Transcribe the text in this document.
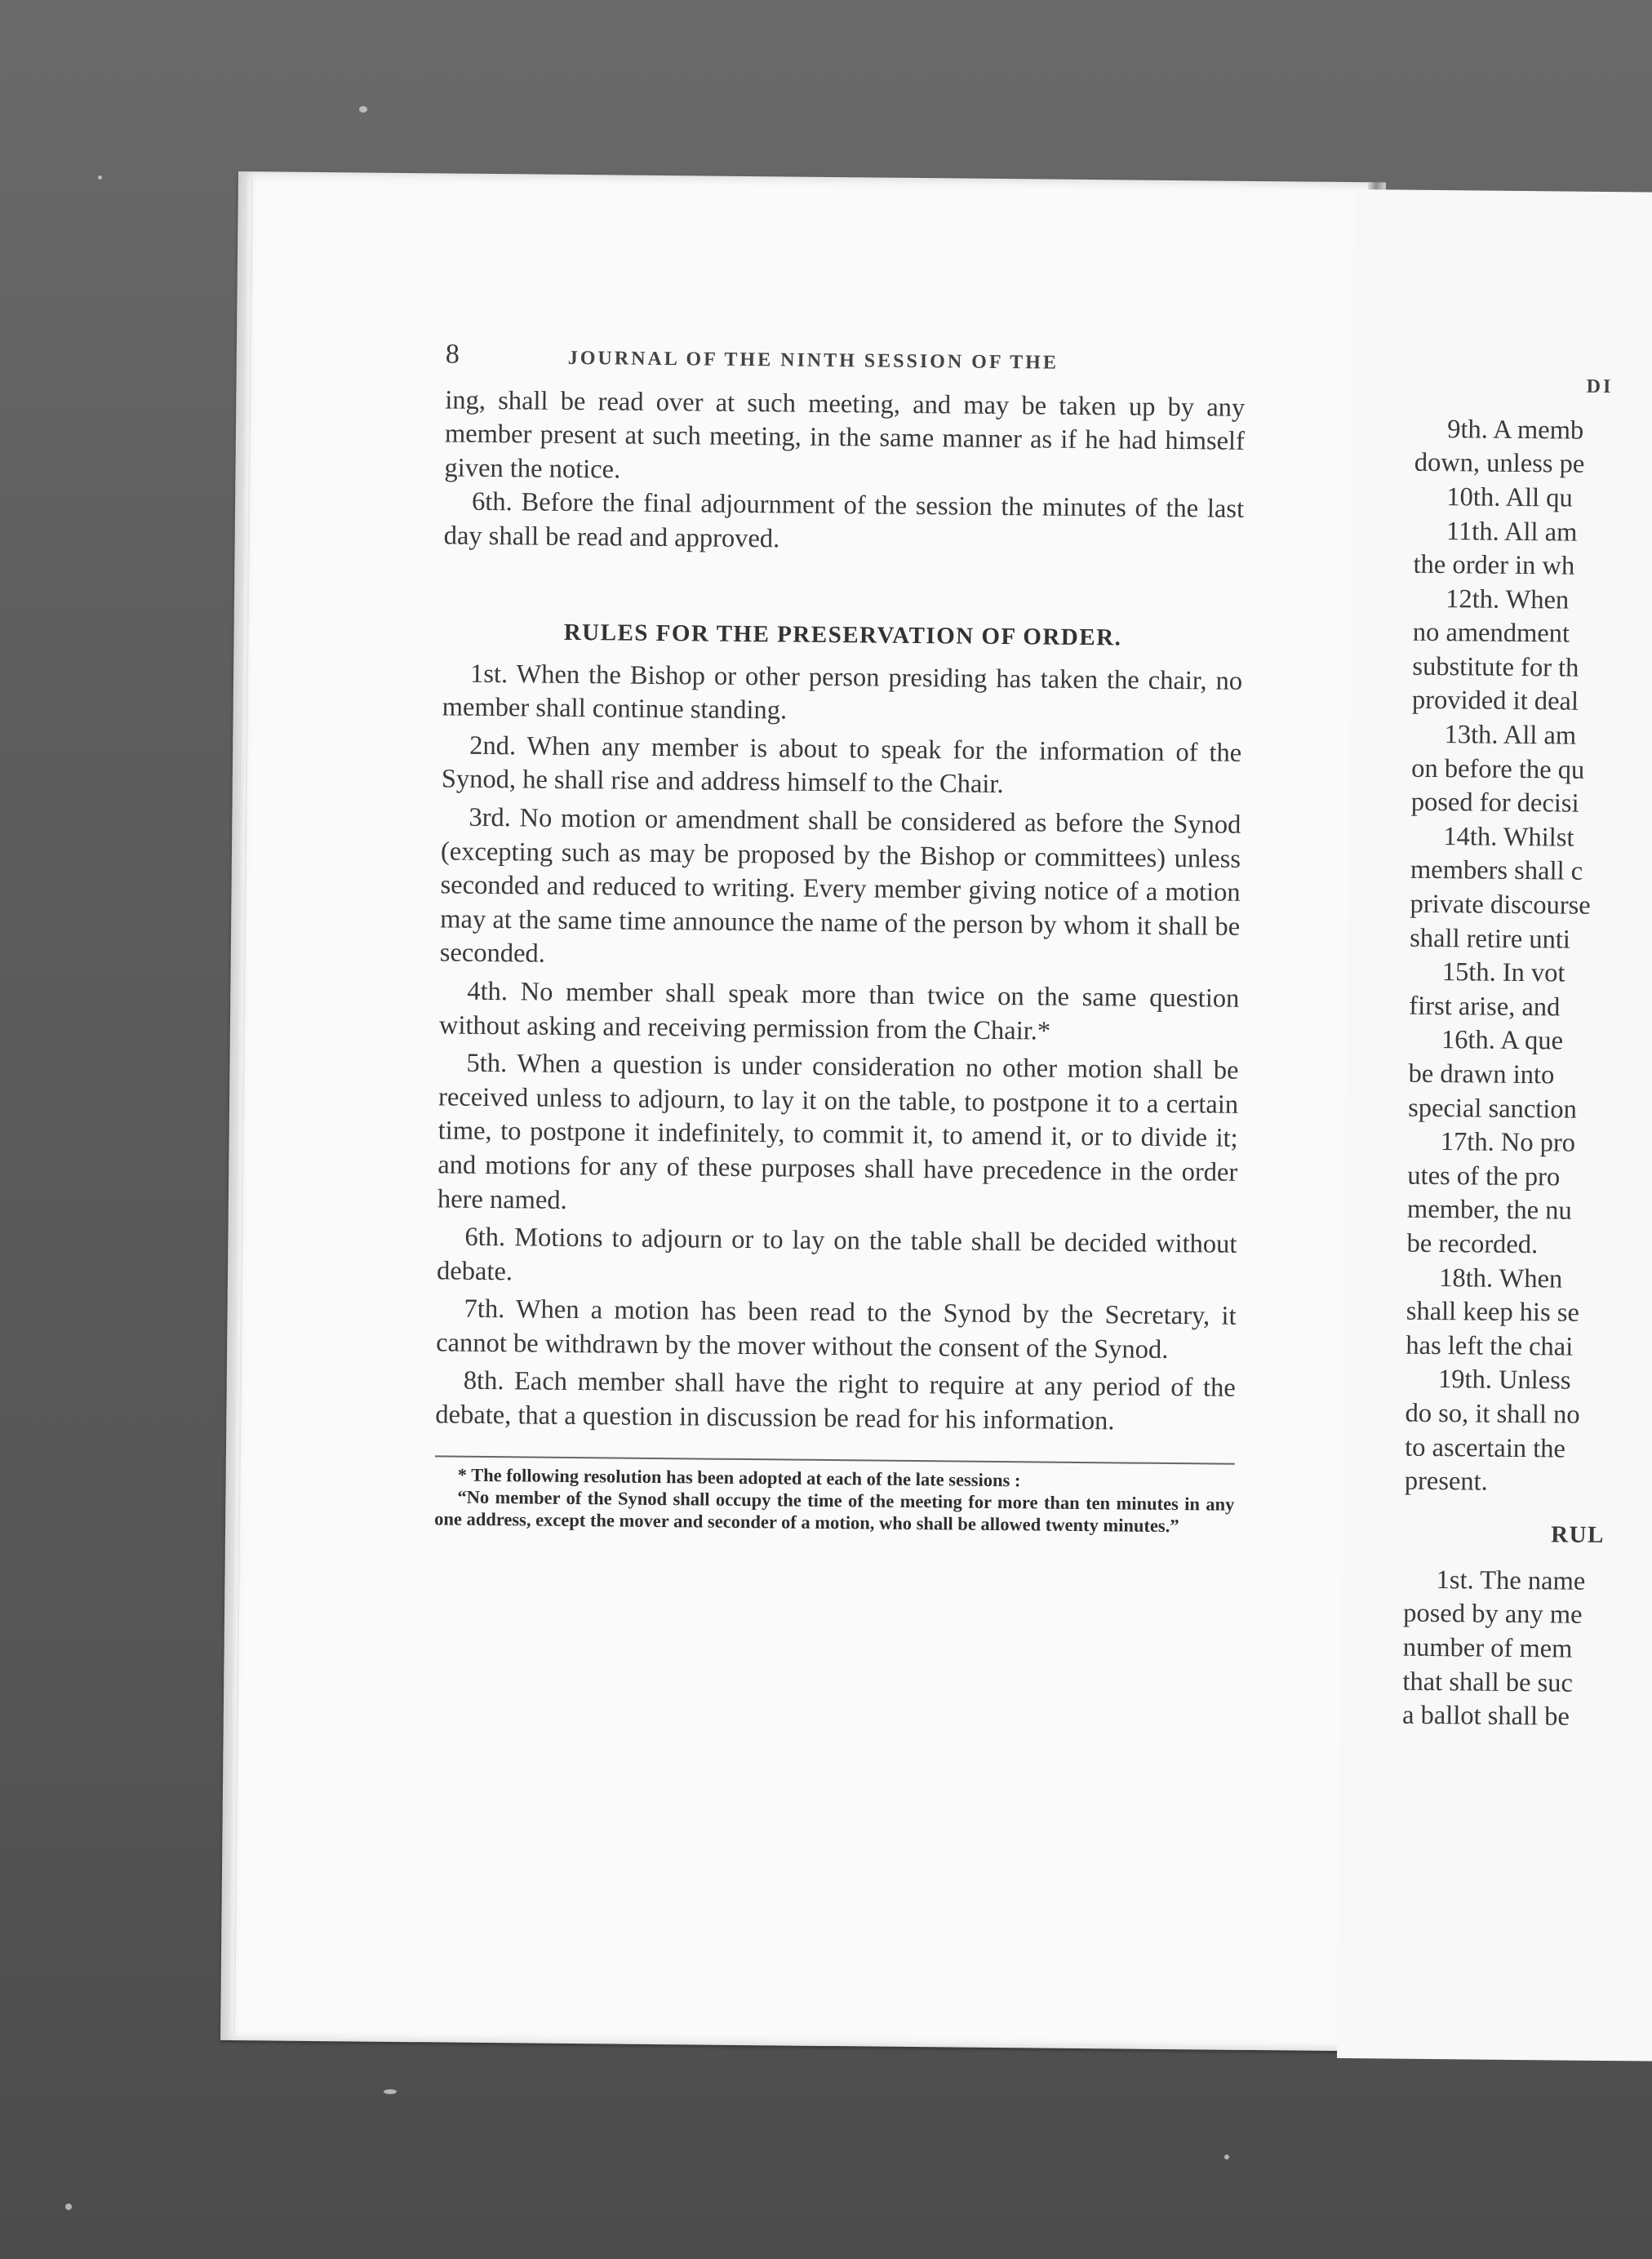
8	JOURNAL OF THE NINTH SESSION OF THE

ing, shall be read over at such meeting, and may be taken up by any member present at such meeting, in the same manner as if he had himself given the notice.

6th. Before the final adjournment of the session the minutes of the last day shall be read and approved.

RULES FOR THE PRESERVATION OF ORDER.

1st. When the Bishop or other person presiding has taken the chair, no member shall continue standing.

2nd. When any member is about to speak for the information of the Synod, he shall rise and address himself to the Chair.

3rd. No motion or amendment shall be considered as before the Synod (excepting such as may be proposed by the Bishop or committees) unless seconded and reduced to writing. Every member giving notice of a motion may at the same time announce the name of the person by whom it shall be seconded.

4th. No member shall speak more than twice on the same question without asking and receiving permission from the Chair.*

5th. When a question is under consideration no other motion shall be received unless to adjourn, to lay it on the table, to postpone it to a certain time, to postpone it indefinitely, to commit it, to amend it, or to divide it; and motions for any of these purposes shall have precedence in the order here named.

6th. Motions to adjourn or to lay on the table shall be decided without debate.

7th. When a motion has been read to the Synod by the Secretary, it cannot be withdrawn by the mover without the consent of the Synod.

8th. Each member shall have the right to require at any period of the debate, that a question in discussion be read for his information.

* The following resolution has been adopted at each of the late sessions :

“No member of the Synod shall occupy the time of the meeting for more than ten minutes in any one address, except the mover and seconder of a motion, who shall be allowed twenty minutes.”

DI

9th. A memb

down, unless pe

10th. All qu

11th. All am

the order in wh

12th. When

no amendment

substitute for th

provided it deal

13th. All am

on before the qu

posed for decisi

14th. Whilst

members shall c

private discourse

shall retire unti

15th. In vot

first arise, and

16th. A que

be drawn into

special sanction

17th. No pro

utes of the pro

member, the nu

be recorded.

18th. When

shall keep his se

has left the chai

19th. Unless

do so, it shall no

to ascertain the

present.

RUL

1st. The name

posed by any me

number of mem

that shall be suc

a ballot shall be
